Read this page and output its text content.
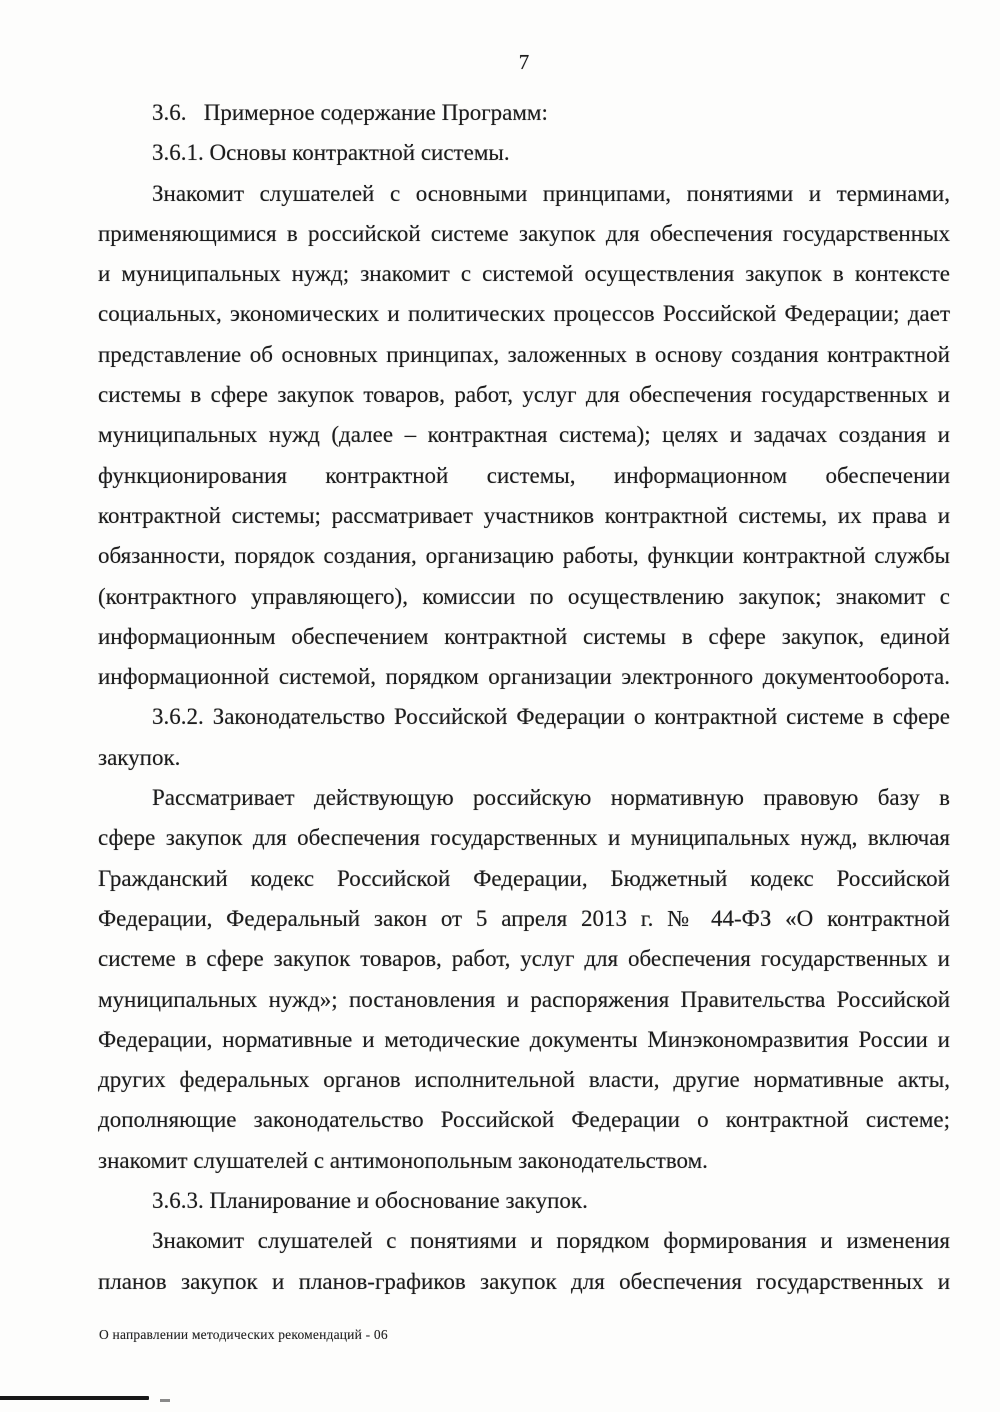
7
3.6.   Примерное содержание Программ:
3.6.1. Основы контрактной системы.
Знакомит слушателей с основными принципами, понятиями и терминами,
применяющимися в российской системе закупок для обеспечения государственных
и муниципальных нужд; знакомит с системой осуществления закупок в контексте
социальных, экономических и политических процессов Российской Федерации; дает
представление об основных принципах, заложенных в основу создания контрактной
системы в сфере закупок товаров, работ, услуг для обеспечения государственных и
муниципальных нужд (далее – контрактная система); целях и задачах создания и
функционирования контрактной системы, информационном обеспечении
контрактной системы; рассматривает участников контрактной системы, их права и
обязанности, порядок создания, организацию работы, функции контрактной службы
(контрактного управляющего), комиссии по осуществлению закупок; знакомит с
информационным обеспечением контрактной системы в сфере закупок, единой
информационной системой, порядком организации электронного документооборота.
3.6.2. Законодательство Российской Федерации о контрактной системе в сфере
закупок.
Рассматривает действующую российскую нормативную правовую базу в
сфере закупок для обеспечения государственных и муниципальных нужд, включая
Гражданский кодекс Российской Федерации, Бюджетный кодекс Российской
Федерации, Федеральный закон от 5 апреля 2013 г. № 44-ФЗ «О контрактной
системе в сфере закупок товаров, работ, услуг для обеспечения государственных и
муниципальных нужд»; постановления и распоряжения Правительства Российской
Федерации, нормативные и методические документы Минэкономразвития России и
других федеральных органов исполнительной власти, другие нормативные акты,
дополняющие законодательство Российской Федерации о контрактной системе;
знакомит слушателей с антимонопольным законодательством.
3.6.3. Планирование и обоснование закупок.
Знакомит слушателей с понятиями и порядком формирования и изменения
планов закупок и планов-графиков закупок для обеспечения государственных и
О направлении методических рекомендаций - 06
